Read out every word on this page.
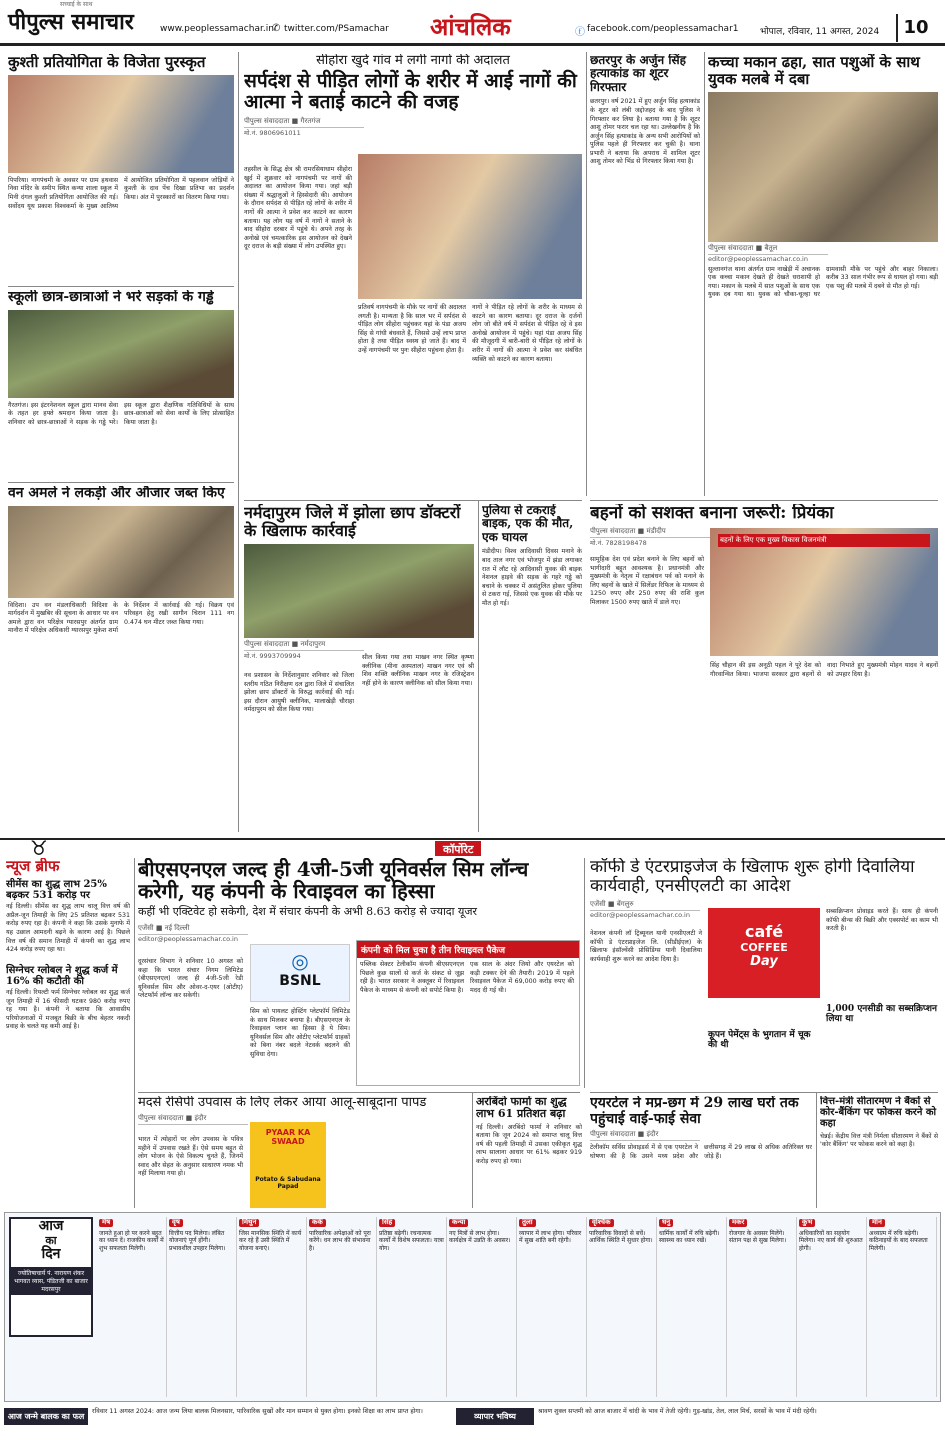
पीपुल्स समाचार
सच्चाई के साथ
www.peoplessamachar.in
✆ twitter.com/PSamachar आंचलिक	ⓕ facebook.com/peoplessamachar1 भोपाल, रविवार, 11 अगस्त, 2024	10
कुश्ती प्रतियोगिता के विजेता पुरस्कृत
पिपरिया। नागपंचमी के अवसर पर ग्राम हथवास निवा मंदिर के समीप स्थित कन्या शाला स्कूल में मिनी दंगल कुश्ती प्रतियोगिता आयोजित की गई। सर्वोदय यूथ प्रकाश विश्वकर्मा के मुख्य आतिथ्य में आयोजित प्रतियोगिता में पहलवान जोड़ियों ने कुश्ती के दाव पेंच दिखा प्रतिभा का प्रदर्शन किया। अंत में पुरस्कारों का वितरण किया गया।
स्कूली छात्र-छात्राओं ने भरे सड़कों के गड्ढे
गैरतगंज। इस इंटरनेशनल स्कूल द्वारा मानव सेवा के तहत हर हफ्ते श्रमदान किया जाता है। शनिवार को छात्र-छात्राओं ने सड़क के गड्ढे भरे। इस स्कूल द्वारा शैक्षणिक गतिविधियों के साथ छात्र-छात्राओं को सेवा कार्यों के लिए प्रोत्साहित किया जाता है।
वन अमले ने लकड़ी और औजार जब्त किए
विदिशा। उप वन मंडलाधिकारी विदिशा के मार्गदर्शन में मुखबिर की सूचना के आधार पर वन अमले द्वारा वन परिक्षेत्र ग्यारसपुर अंतर्गत ग्राम मानौरा में परिक्षेत्र अधिकारी ग्यारसपुर मुकेश शर्मा के निर्देशन में कार्रवाई की गई। विक्रय एवं परिवहन हेतु रखी सागौन चिरान 111 नग 0.474 घन मीटर जब्त किया गया।
सीहोरा खुर्द गांव में लगी नागों की अदालत
सर्पदंश से पीड़ित लोगों के शरीर में आई नागों की आत्मा ने बताई काटने की वजह
पीपुल्स संवाददाता ■ गैरतगंज
मो.नं. 9806961011
तहसील के सिद्ध क्षेत्र श्री रामरसियाधाम सीहोरा खुर्द में शुक्रवार को नागपंचमी पर नागों की अदालत का आयोजन किया गया। जहां बड़ी संख्या में श्रद्धालुओं ने हिस्सेदारी की। आयोजन के दौरान सर्पदंश से पीड़ित रहे लोगों के शरीर में नागों की आत्मा ने प्रवेश कर काटने का कारण बताया। यह लोग यह वर्ष में नागों ने सताने के बाद सीहोरा दरबार में पहुंचे थे। अपने तरह के अनोखे एवं चमत्कारिक इस आयोजन को देखने दूर दराज के बड़ी संख्या में लोग उपस्थित हुए।
प्रतिवर्ष नागपंचमी के मौके पर नागों की अदालत लगती है। मान्यता है कि साल भर में सर्पदंश से पीड़ित लोग सीहोरा पहुंचकर यहां के पंडा अजय सिंह से गांधी बंधवाते हैं, जिससे उन्हें लाभ प्राप्त होता है तथा पीड़ित स्वस्थ हो जाते हैं। बाद में उन्हें नागपंचमी पर पुनः सीहोरा पहुंचना होता है।
नागों ने पीड़ित रहे लोगों के शरीर के माध्यम से काटने का कारण बताया। दूर दराज के दर्जनों लोग जो बीते वर्ष में सर्पदंश से पीड़ित रहे वे इस अनोखे आयोजन में पहुंचे। यहां पंडा अजय सिंह की मौजूदगी में बारी-बारी से पीड़ित रहे लोगों के शरीर में नागों की आत्मा ने प्रवेश कर संबंधित व्यक्ति को काटने का कारण बताया।
छतरपुर के अर्जुन सिंह हत्याकांड का शूटर गिरफ्तार
छतरपुर। वर्ष 2021 में हुए अर्जुन सिंह हत्याकांड के शूटर को लंबी जद्दोजहद के बाद पुलिस ने गिरफ्तार कर लिया है। बताया गया है कि शूटर आशु तोमर फरार चल रहा था। उल्लेखनीय है कि अर्जुन सिंह हत्याकांड के अन्य सभी आरोपियों को पुलिस पहले ही गिरफ्तार कर चुकी है। थाना प्रभारी ने बताया कि अपराध में शामिल शूटर आशु तोमर को भिंड से गिरफ्तार किया गया है।
कच्चा मकान ढहा, सात पशुओं के साथ युवक मलबे में दबा
पीपुल्स संवाददाता ■ बैतूल
editor@peoplessamachar.co.in
सुल्तानगंज थाना अंतर्गत ग्राम नाखेड़ी में अचानक एक कच्चा मकान देखते ही देखते धराशायी हो गया। मकान के मलबे में सात पशुओं के साथ एक युवक दब गया था। युवक को चौका-चूल्हा घर ग्रामवासी मौके पर पहुंचे और बाहर निकाला। करीब 33 साल गंभीर रूप से घायल हो गया। बड़ी एक पशु की मलबे में दबने से मौत हो गई।
नर्मदापुरम जिले में झोला छाप डॉक्टरों के खिलाफ कार्रवाई
पीपुल्स संवाददाता ■ नर्मदापुरम
मो.नं. 9993709994
नव प्रशासन के निर्देशानुसार शनिवार को जिला स्तरीय गठित निरीक्षण दल द्वारा जिले में संचालित झोला छाप डॉक्टरों के विरुद्ध कार्रवाई की गई। इस दौरान आयुषी क्लीनिक, मालाखेड़ी चौराहा नर्मदापुरम को सील किया गया।
सील किया गया तथा माखन नगर स्थित कृष्णा क्लीनिक (मीना अस्पताल) माखन नगर एवं श्री शिव शक्ति क्लीनिक माखन नगर के रजिस्ट्रेशन नहीं होने के कारण क्लीनिक को सील किया गया।
पुलिया से टकराई बाइक, एक की मौत, एक घायल
मंडीदीप। विश्व आदिवासी दिवस मनाने के बाद ताल नगर एवं भोजपुर में झंडा लगाकर रात में लौट रहे आदिवासी युवक की बाइक नेशनल हाइवे की सड़क के गहरे गड्ढे को बचाने के चक्कर में असंतुलित होकर पुलिया से टकरा गई, जिससे एक युवक की मौके पर मौत हो गई।
बहनों को सशक्त बनाना जरूरी: प्रियंका
पीपुल्स संवाददाता ■ मंडीदीप
मो.नं. 7828198478	बहनों के लिए एक मुख्य विकास विजनमंत्री
सामूहिक देश एवं प्रदेश बनाने के लिए बहनों को भागीदारी बहुत आवश्यक है। प्रधानमंत्री और मुख्यमंत्री के नेतृत्व में रक्षाबंधन पर्व को मनाने के लिए बहनों के खाते में सिलेंडर रिफिल के माध्यम से 1250 रुपए और 250 रुपए की राशि कुल मिलाकर 1500 रुपए खाते में डाले गए।
सिंह चौहान की इस अनूठी पहल ने पूरे देश को गौरवान्वित किया। भाजपा सरकार द्वारा बहनों से वादा निभाते हुए मुख्यमंत्री मोहन यादव ने बहनों को उपहार दिया है।
♉	कॉर्पोरेट
न्यूज ब्रीफ
सीमेंस का शुद्ध लाभ 25% बढ़कर 531 करोड़ पर
नई दिल्ली। सीमेंस का शुद्ध लाभ चालू वित्त वर्ष की अप्रैल-जून तिमाही के लिए 25 प्रतिशत बढ़कर 531 करोड़ रुपए रहा है। कंपनी ने कहा कि उसके मुनाफे में यह उछाल आमदनी बढ़ने के कारण आई है। पिछले वित्त वर्ष की समान तिमाही में कंपनी का शुद्ध लाभ 424 करोड़ रुपए रहा था।
सिग्नेचर ग्लोबल ने शुद्ध कर्ज में 16% की कटौती की
नई दिल्ली। रियल्टी फर्म सिग्नेचर ग्लोबल का शुद्ध कर्ज जून तिमाही में 16 फीसदी घटकर 980 करोड़ रुपए रह गया है। कंपनी ने बताया कि आवासीय परियोजनाओं में मजबूत बिक्री के बीच बेहतर नकदी प्रवाह के चलते यह कमी आई है।
बीएसएनएल जल्द ही 4जी-5जी यूनिवर्सल सिम लॉन्च करेगी, यह कंपनी के रिवाइवल का हिस्सा
कहीं भी एक्टिवेट हो सकेगी, देश में संचार कंपनी के अभी 8.63 करोड़ से ज्यादा यूजर
एजेंसी ■ नई दिल्ली
editor@peoplessamachar.co.in
दूरसंचार विभाग ने शनिवार 10 अगस्त को कहा कि भारत संचार निगम लिमिटेड (बीएसएनएल) जल्द ही 4जी-5जी रेडी यूनिवर्सल सिम और ओवर-द-एयर (ओटीए) प्लेटफॉर्म लॉन्च कर सकेगी।
◎
BSNL
सिम को पायलट होस्टिंग प्लेटफॉर्म लिमिटेड के साथ मिलकर बनाया है। बीएसएनएल के रिवाइवल प्लान का हिस्सा है ये सिम। यूनिवर्सल सिम और ओटीए प्लेटफॉर्म ग्राहकों को बिना नंबर बदले नेटवर्क बदलने की सुविधा देगा।
कंपनी को मिल चुका है तीन रिवाइवल पैकेज
पब्लिक सेक्टर टेलीकॉम कंपनी बीएसएनएल पिछले कुछ सालों से कर्ज के संकट से जूझ रही है। भारत सरकार ने अक्तूबर में रिवाइवल पैकेज के माध्यम से कंपनी को सपोर्ट किया है।
एक साल के अंदर जियो और एयरटेल को कड़ी टक्कर देने की तैयारी। 2019 में पहले रिवाइवल पैकेज में 69,000 करोड़ रुपए की मदद दी गई थी।
कॉफी डे एंटरप्राइजेज के खिलाफ शुरू होगी दिवालिया कार्यवाही, एनसीएलटी का आदेश
एजेंसी ■ बेंगलुरु
editor@peoplessamachar.co.in
नेशनल कंपनी लॉ ट्रिब्यूनल यानी एनसीएलटी ने कॉफी डे एंटरप्राइजेज लि. (सीडीईएल) के खिलाफ इंसॉल्वेंसी प्रोसिडिंग्स यानी दिवालिया कार्यवाही शुरू करने का आदेश दिया है।
café
COFFEE
Day
1,000 एनसीडी का सब्सक्रिप्शन लिया था
सब्सक्रिप्शन प्रोवाइड करते हैं। साथ ही कंपनी कॉफी बीन्स की बिक्री और एक्सपोर्ट का काम भी करती है।
कूपन पेमेंट्स के भुगतान में चूक की थी
मदर्स रेसिपी उपवास के लिए लेकर आया आलू-साबूदाना पापड
पीपुल्स संवाददाता ■ इंदौर
भारत में त्योहारों पर लोग उपवास के पवित्र महीने में उपवास रखते हैं। ऐसे समय बहुत से लोग भोजन के ऐसे विकल्प चुनते हैं, जिनमें स्वाद और सेहत के अनुसार साधारण नमक भी नहीं मिलाया गया हो।
PYAAR KA SWAAD
Potato & Sabudana Papad
अरबिंदो फार्मा का शुद्ध लाभ 61 प्रतिशत बढ़ा
नई दिल्ली। अरबिंदो फार्मा ने शनिवार को बताया कि जून 2024 को समाप्त चालू वित्त वर्ष की पहली तिमाही में उसका एकीकृत शुद्ध लाभ सालाना आधार पर 61% बढ़कर 919 करोड़ रुपए हो गया।
एयरटेल ने मप्र-छग में 29 लाख घरों तक पहुंचाई वाई-फाई सेवा
पीपुल्स संवाददाता ■ इंदौर
टेलीकॉम सर्विस प्रोवाइडर्स में से एक एयरटेल ने घोषणा की है कि उसने मध्य प्रदेश और छत्तीसगढ़ में 29 लाख से अधिक अतिरिक्त घर जोड़े हैं।
वित्त-मंत्री सीतारमण ने बैंकों से कोर-बैंकिंग पर फोकस करने को कहा
चेन्नई। केंद्रीय वित्त मंत्री निर्मला सीतारमण ने बैंकों से 'कोर बैंकिंग' पर फोकस करने को कहा है।
आज
का
दिन
ज्योतिषाचार्य पं. नारायण शंकर भागवत व्यास, पंडितजी का बाजार मदरसपुर
मेष
जानते हुआ हो पर करने बहुत का ध्यान दें। राजकीय कार्यों में शुभ सफलता मिलेगी।
वृष
वित्तीय पद मिलेगा। लंबित योजनाएं पूर्ण होंगी। प्रभावशील उपहार मिलेगा।
मिथुन
जिस मानसिक स्थिति में कार्य कर रहे हैं उसी स्थिति में योजना बनाएं।
कर्क
पारिवारिक अपेक्षाओं को पूरा करेंगे। धन लाभ की संभावना है।
सिंह
प्रतिष्ठा बढ़ेगी। रचनात्मक कार्यों में विशेष सफलता। यात्रा योग।
कन्या
नए मित्रों से लाभ होगा। कार्यक्षेत्र में उन्नति के अवसर।
तुला
व्यापार में लाभ होगा। परिवार में सुख शांति बनी रहेगी।
वृश्चिक
पारिवारिक विवादों से बचें। आर्थिक स्थिति में सुधार होगा।
धनु
धार्मिक कार्यों में रुचि बढ़ेगी। स्वास्थ्य का ध्यान रखें।
मकर
रोजगार के अवसर मिलेंगे। संतान पक्ष से सुख मिलेगा।
कुंभ
अधिकारियों का सहयोग मिलेगा। नए कार्य की शुरुआत होगी।
मीन
अध्यात्म में रुचि बढ़ेगी। कठिनाइयों के बाद सफलता मिलेगी।
आज जन्मे बालक का फल
रविवार 11 अगस्त 2024: आज जन्म लिया बालक मिलनसार, पारिवारिक सुखों और मान सम्मान से युक्त होगा। इनको शिक्षा का लाभ प्राप्त होगा।
व्यापार भविष्य
श्रावण शुक्ल सप्तमी को आज बाजार में चांदी के भाव में तेजी रहेगी। गुड़-खांड, तेल, लाल मिर्च, सरसों के भाव में मंदी रहेगी।
